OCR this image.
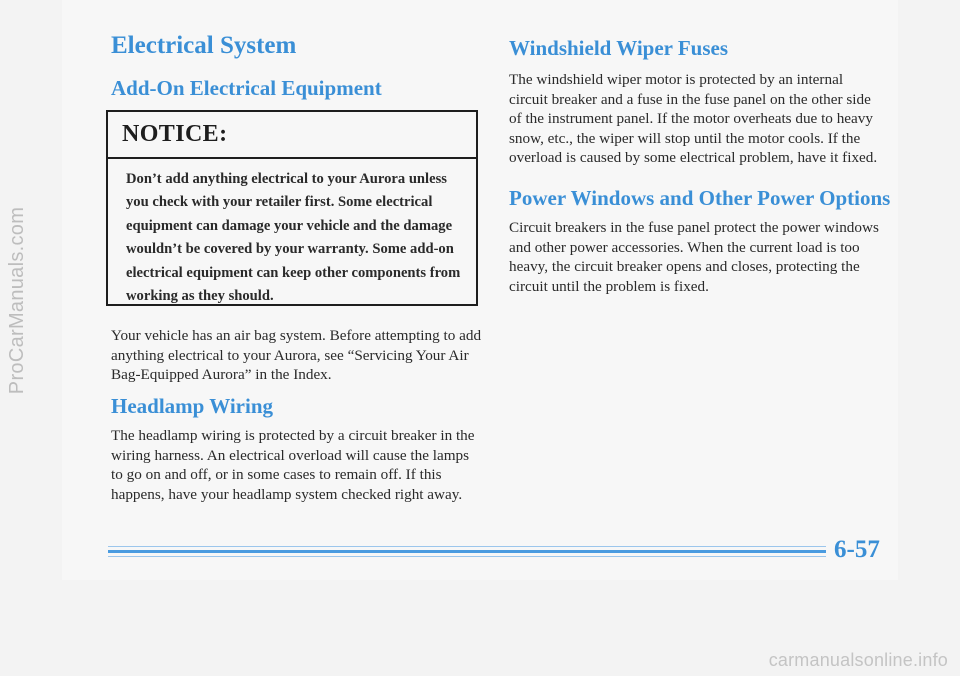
ProCarManuals.com
Electrical System
Add-On Electrical Equipment
NOTICE:
Don’t add anything electrical to your Aurora unless you check with your retailer first. Some electrical equipment can damage your vehicle and the damage wouldn’t be covered by your warranty. Some add-on electrical equipment can keep other components from working as they should.

Your vehicle has an air bag system. Before attempting to add anything electrical to your Aurora, see “Servicing Your Air Bag-Equipped Aurora” in the Index.

Headlamp Wiring

The headlamp wiring is protected by a circuit breaker in the wiring harness. An electrical overload will cause the lamps to go on and off, or in some cases to remain off. If this happens, have your headlamp system checked right away.

Windshield Wiper Fuses

The windshield wiper motor is protected by an internal circuit breaker and a fuse in the fuse panel on the other side of the instrument panel. If the motor overheats due to heavy snow, etc., the wiper will stop until the motor cools. If the overload is caused by some electrical problem, have it fixed.

Power Windows and Other Power Options

Circuit breakers in the fuse panel protect the power windows and other power accessories. When the current load is too heavy, the circuit breaker opens and closes, protecting the circuit until the problem is fixed.

6-57
carmanualsonline.info
